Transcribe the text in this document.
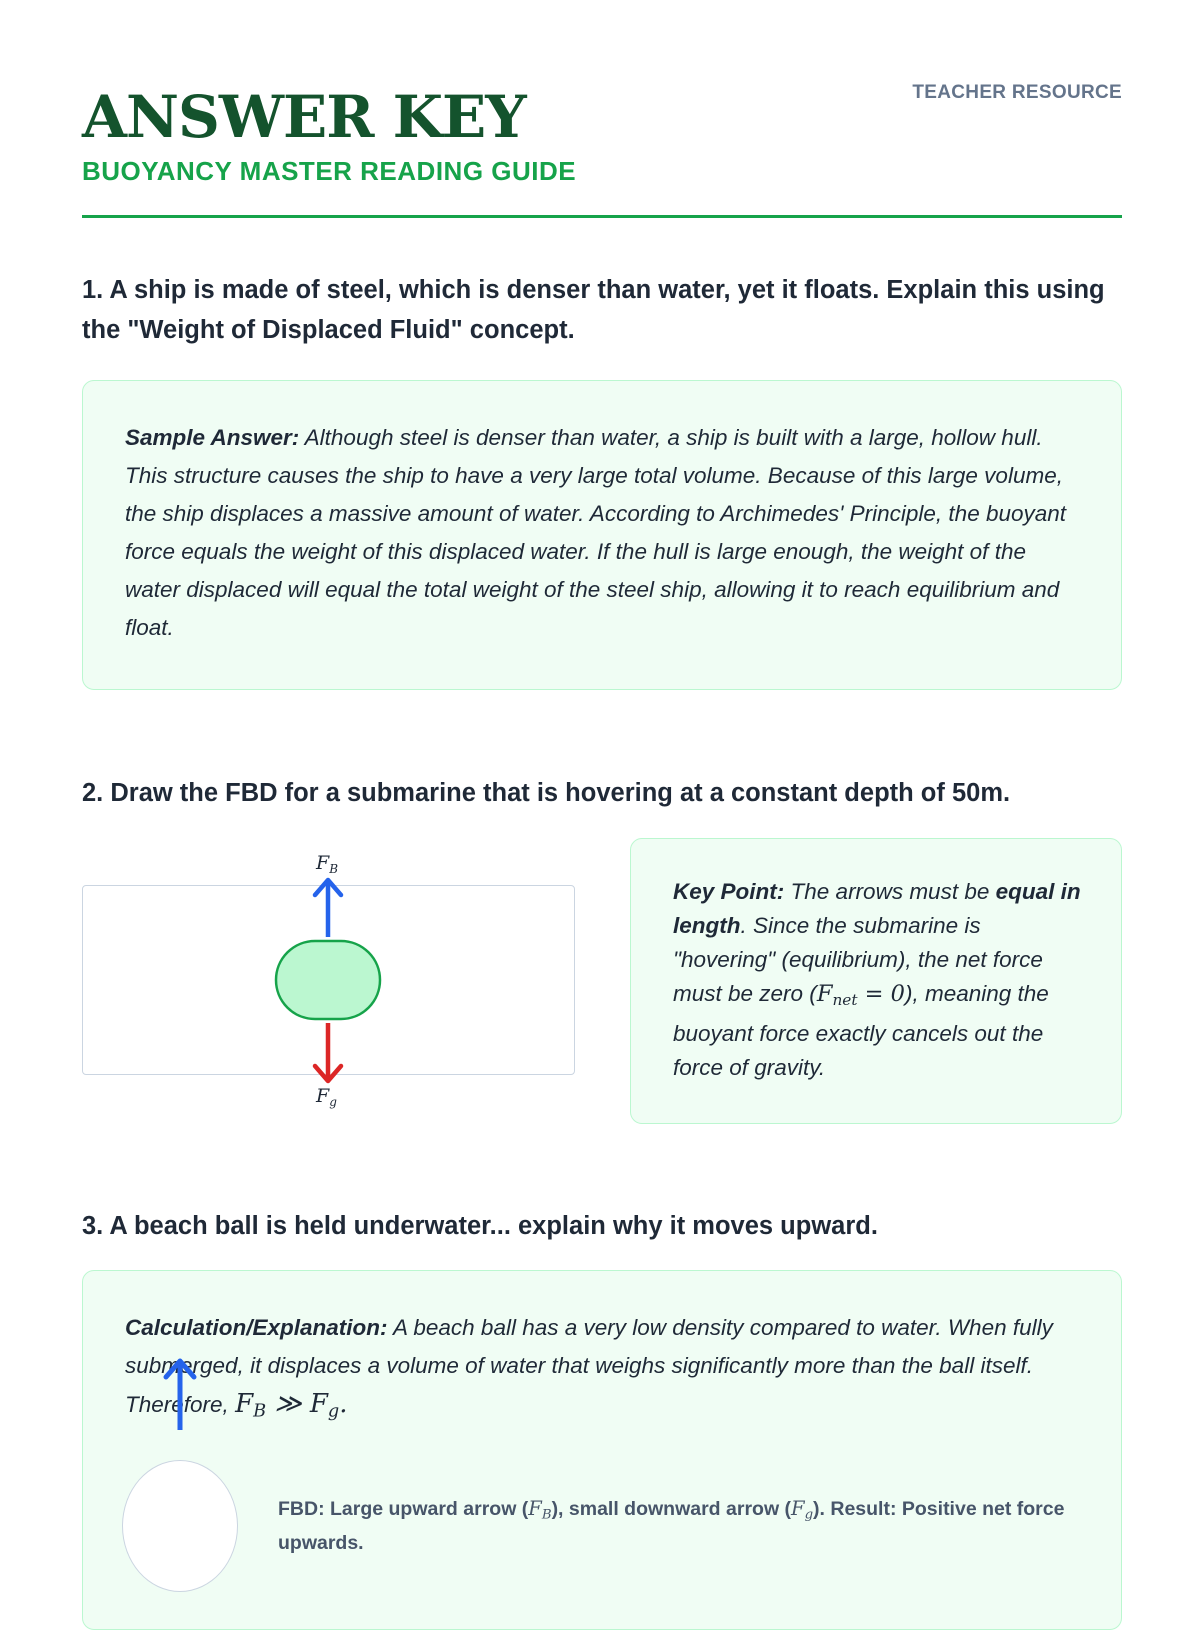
ANSWER KEY
BUOYANCY MASTER READING GUIDE
TEACHER RESOURCE
1. A ship is made of steel, which is denser than water, yet it floats. Explain this using the "Weight of Displaced Fluid" concept.
Sample Answer: Although steel is denser than water, a ship is built with a large, hollow hull. This structure causes the ship to have a very large total volume. Because of this large volume, the ship displaces a massive amount of water. According to Archimedes' Principle, the buoyant force equals the weight of this displaced water. If the hull is large enough, the weight of the water displaced will equal the total weight of the steel ship, allowing it to reach equilibrium and float.
2. Draw the FBD for a submarine that is hovering at a constant depth of 50m.
$F_B$
$F_g$
Key Point: The arrows must be equal in length. Since the submarine is "hovering" (equilibrium), the net force must be zero $(F_{net} = 0)$, meaning the buoyant force exactly cancels out the force of gravity.
3. A beach ball is held underwater... explain why it moves upward.
Calculation/Explanation: A beach ball has a very low density compared to water. When fully submerged, it displaces a volume of water that weighs significantly more than the ball itself. Therefore, $F_B$ ≫ $F_g$.
FBD: Large upward arrow $(F_B)$, small downward arrow $(F_g)$. Result: Positive net force upwards.
